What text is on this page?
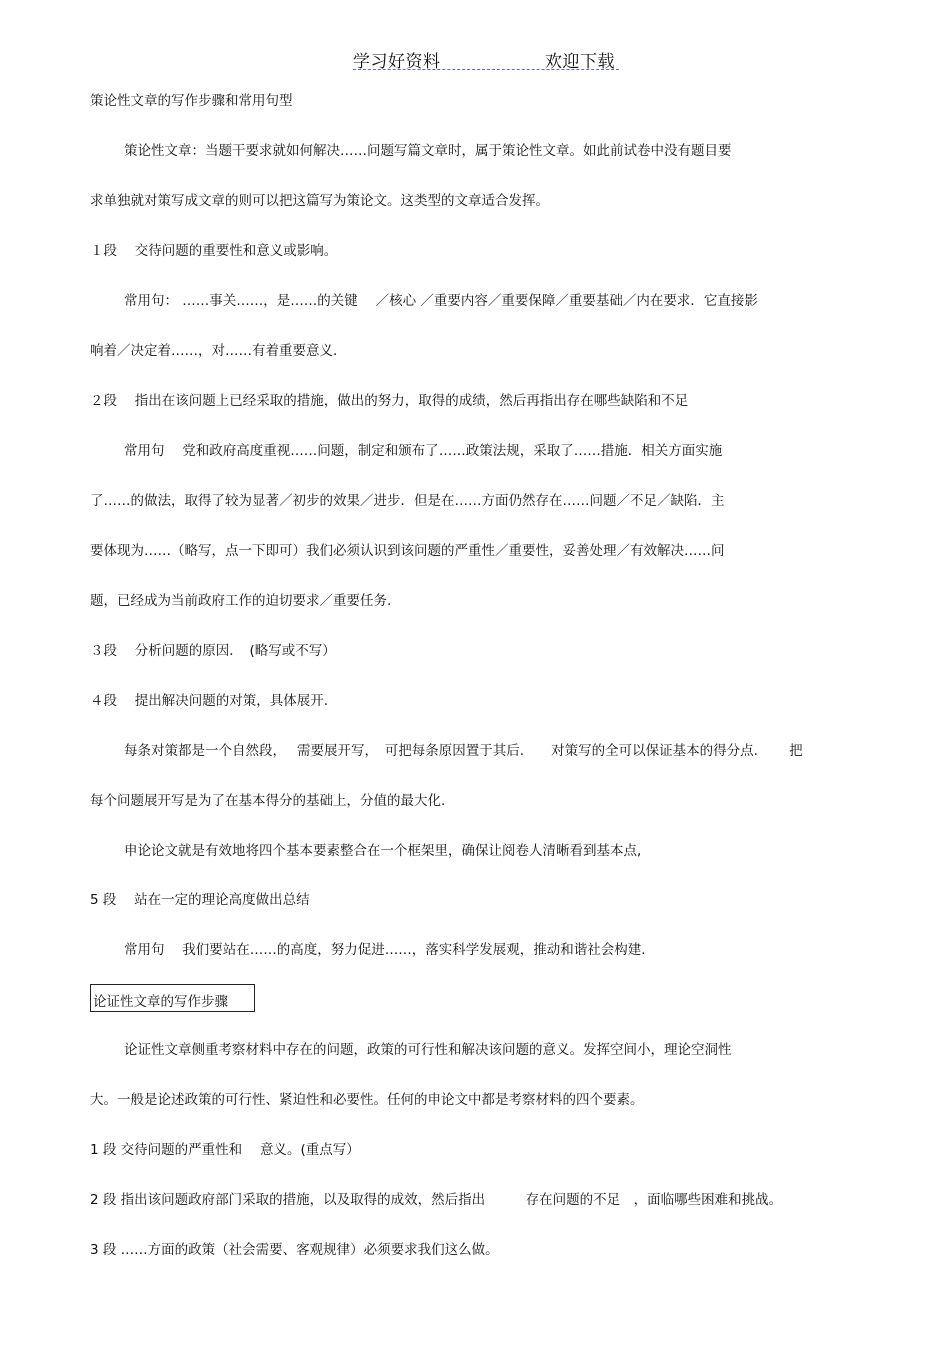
学习好资料	欢迎下载
策论性文章的写作步骤和常用句型
策论性文章：当题干要求就如何解决……问题写篇文章时，属于策论性文章。如此前试卷中没有题目要
求单独就对策写成文章的则可以把这篇写为策论文。这类型的文章适合发挥。
１段　 交待问题的重要性和意义或影响。
常用句： ……事关……，是……的关键　 ／核心 ／重要内容／重要保障／重要基础／内在要求．它直接影
响着／决定着……，对……有着重要意义.
２段　 指出在该问题上已经采取的措施，做出的努力，取得的成绩，然后再指出存在哪些缺陷和不足
常用句　 党和政府高度重视……问题，制定和颁布了……政策法规，采取了……措施．相关方面实施
了……的做法，取得了较为显著／初步的效果／进步．但是在……方面仍然存在……问题／不足／缺陷．主
要体现为……（略写，点一下即可）我们必须认识到该问题的严重性／重要性，妥善处理／有效解决……问
题，已经成为当前政府工作的迫切要求／重要任务.
３段　 分析问题的原因．　(略写或不写）
４段　 提出解决问题的对策，具体展开.
每条对策都是一个自然段，　 需要展开写，　可把每条原因置于其后.　　对策写的全可以保证基本的得分点.　　 把
每个问题展开写是为了在基本得分的基础上，分值的最大化.
申论论文就是有效地将四个基本要素整合在一个框架里，确保让阅卷人清晰看到基本点,
5 段　 站在一定的理论高度做出总结
常用句　 我们要站在……的高度，努力促进……，落实科学发展观，推动和谐社会构建.
论证性文章的写作步骤
论证性文章侧重考察材料中存在的问题，政策的可行性和解决该问题的意义。发挥空间小，理论空洞性
大。一般是论述政策的可行性、紧迫性和必要性。任何的申论文中都是考察材料的四个要素。
1 段 交待问题的严重性和　 意义。(重点写）
2 段 指出该问题政府部门采取的措施，以及取得的成效，然后指出　　　存在问题的不足　，面临哪些困难和挑战。
3 段 ……方面的政策（社会需要、客观规律）必须要求我们这么做。
